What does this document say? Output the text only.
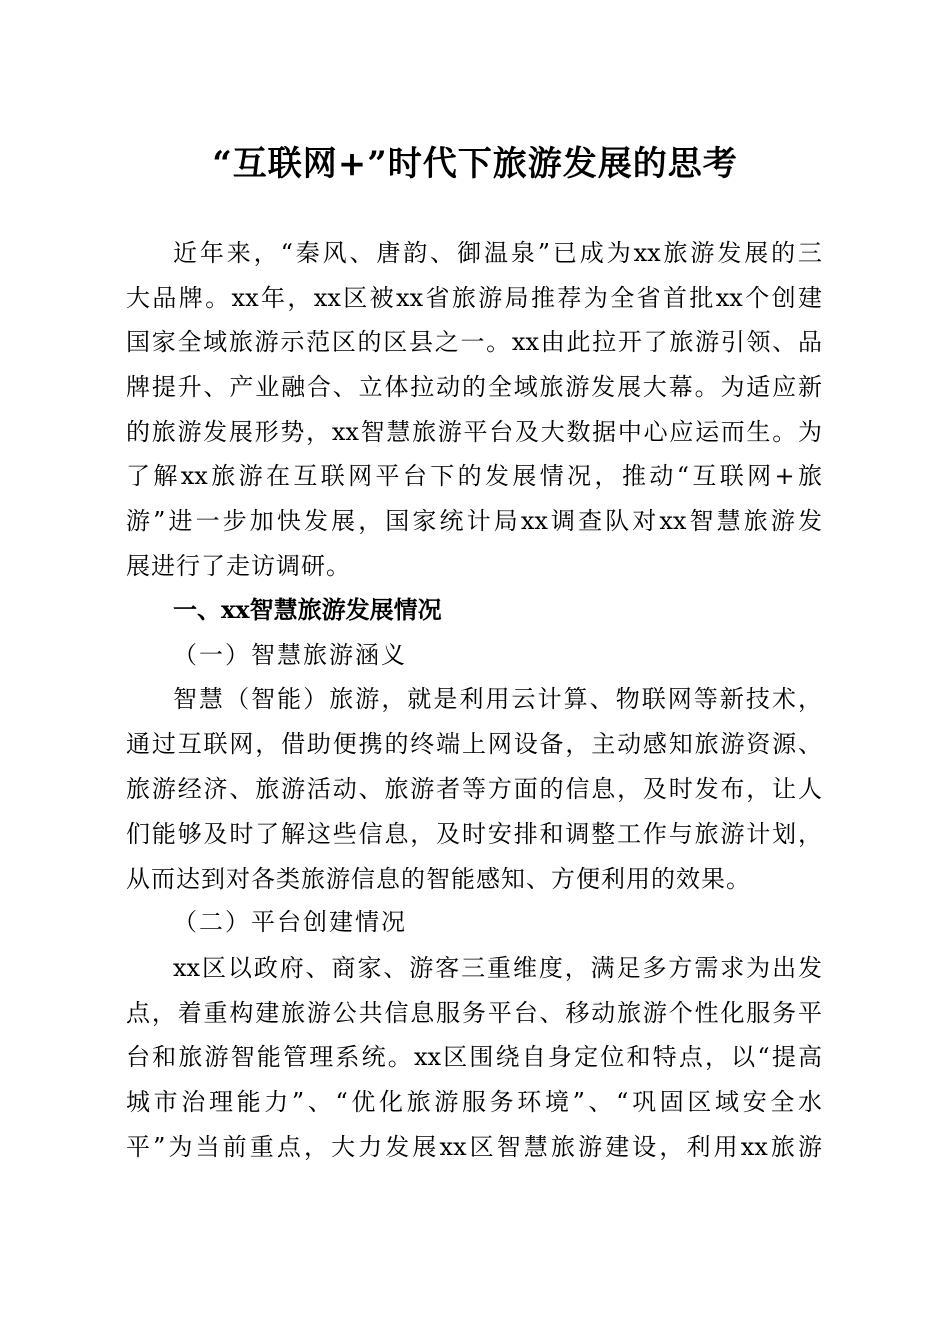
“互联网+”时代下旅游发展的思考
近年来，“秦风、唐韵、御温泉”已成为xx旅游发展的三
大品牌。xx年，xx区被xx省旅游局推荐为全省首批xx个创建
国家全域旅游示范区的区县之一。xx由此拉开了旅游引领、品
牌提升、产业融合、立体拉动的全域旅游发展大幕。为适应新
的旅游发展形势，xx智慧旅游平台及大数据中心应运而生。为
了解xx旅游在互联网平台下的发展情况，推动“互联网+旅
游”进一步加快发展，国家统计局xx调查队对xx智慧旅游发
展进行了走访调研。
一、xx智慧旅游发展情况
（一）智慧旅游涵义
智慧（智能）旅游，就是利用云计算、物联网等新技术，
通过互联网，借助便携的终端上网设备，主动感知旅游资源、
旅游经济、旅游活动、旅游者等方面的信息，及时发布，让人
们能够及时了解这些信息，及时安排和调整工作与旅游计划，
从而达到对各类旅游信息的智能感知、方便利用的效果。
（二）平台创建情况
xx区以政府、商家、游客三重维度，满足多方需求为出发
点，着重构建旅游公共信息服务平台、移动旅游个性化服务平
台和旅游智能管理系统。xx区围绕自身定位和特点，以“提高
城市治理能力”、“优化旅游服务环境”、“巩固区域安全水
平”为当前重点，大力发展xx区智慧旅游建设，利用xx旅游
